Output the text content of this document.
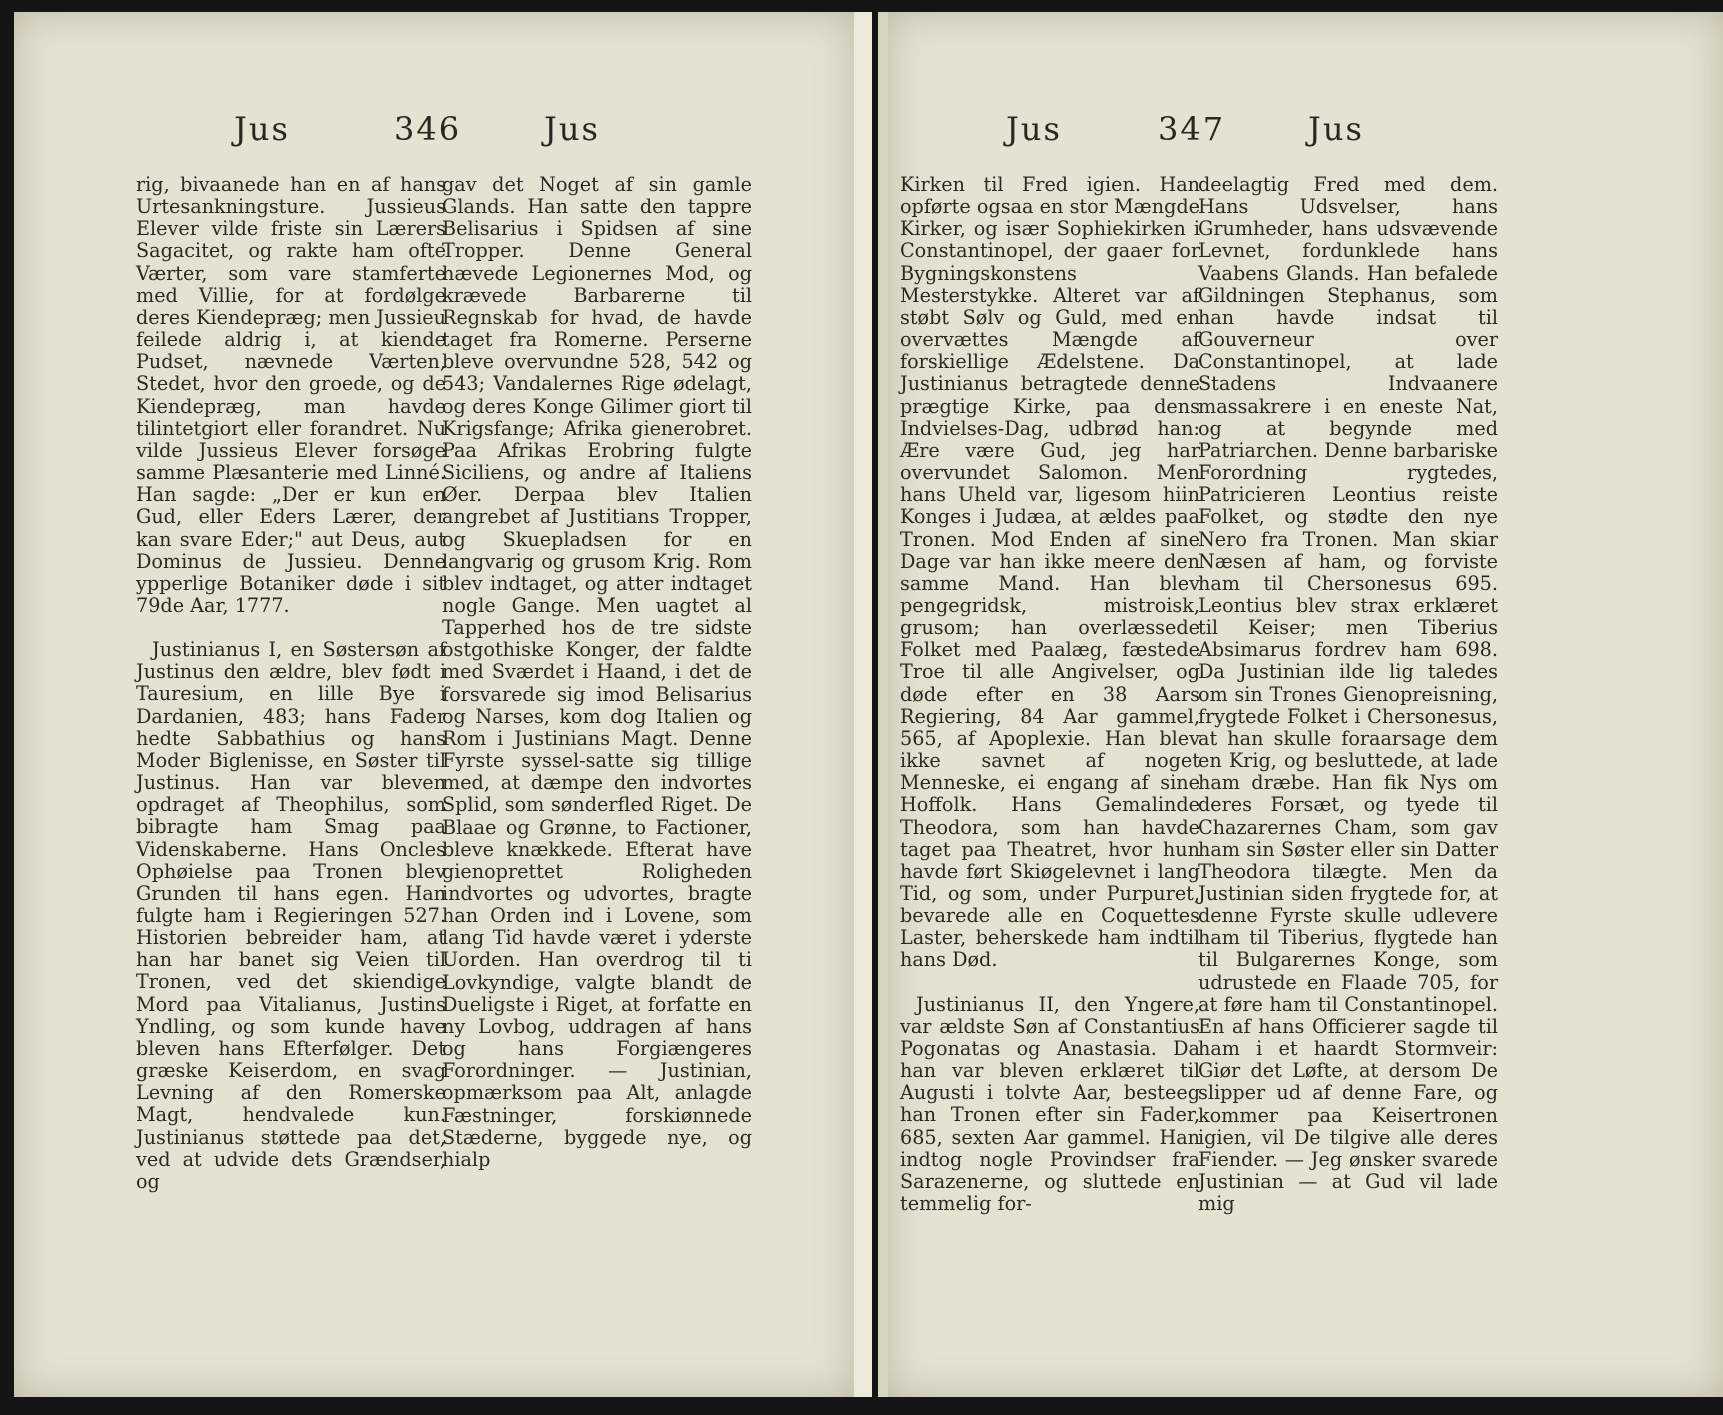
Jus	346	Jus

rig, bivaanede han en af hans Urtesankningsture. Jussieus Elever vilde friste sin Lærers Sagacitet, og rakte ham ofte Værter, som vare stamferte med Villie, for at fordølge deres Kiendepræg; men Jussieu feilede aldrig i, at kiende Pudset, nævnede Værten, Stedet, hvor den groede, og de Kiendepræg, man havde tilintetgiort eller forandret. Nu vilde Jussieus Elever forsøge samme Plæsanterie med Linné. Han sagde: „Der er kun en Gud, eller Eders Lærer, der kan svare Eder;" aut Deus, aut Dominus de Jussieu. Denne ypperlige Botaniker døde i sit 79de Aar, 1777.

Justinianus I, en Søstersøn af Justinus den ældre, blev født i Tauresium, en lille Bye i Dardanien, 483; hans Fader hedte Sabbathius og hans Moder Biglenisse, en Søster til Justinus. Han var bleven opdraget af Theophilus, som bibragte ham Smag paa Videnskaberne. Hans Oncles Ophøielse paa Tronen blev Grunden til hans egen. Han fulgte ham i Regieringen 527. Historien bebreider ham, at han har banet sig Veien til Tronen, ved det skiendige Mord paa Vitalianus, Justins Yndling, og som kunde have bleven hans Efterfølger. Det græske Keiserdom, en svag Levning af den Romerske Magt, hendvalede kun. Justinianus støttede paa det, ved at udvide dets Grændser, og

gav det Noget af sin gamle Glands. Han satte den tappre Belisarius i Spidsen af sine Tropper. Denne General hævede Legionernes Mod, og krævede Barbarerne til Regnskab for hvad, de havde taget fra Romerne. Perserne bleve overvundne 528, 542 og 543; Vandalernes Rige ødelagt, og deres Konge Gilimer giort til Krigsfange; Afrika gienerobret. Paa Afrikas Erobring fulgte Siciliens, og andre af Italiens Øer. Derpaa blev Italien angrebet af Justitians Tropper, og Skuepladsen for en langvarig og grusom Krig. Rom blev indtaget, og atter indtaget nogle Gange. Men uagtet al Tapperhed hos de tre sidste ostgothiske Konger, der faldte med Sværdet i Haand, i det de forsvarede sig imod Belisarius og Narses, kom dog Italien og Rom i Justinians Magt. Denne Fyrste syssel-satte sig tillige med, at dæmpe den indvortes Splid, som sønderfled Riget. De Blaae og Grønne, to Factioner, bleve knækkede. Efterat have gienoprettet Roligheden indvortes og udvortes, bragte han Orden ind i Lovene, som lang Tid havde været i yderste Uorden. Han overdrog til ti Lovkyndige, valgte blandt de Dueligste i Riget, at forfatte en ny Lovbog, uddragen af hans og hans Forgiængeres Forordninger. — Justinian, opmærksom paa Alt, anlagde Fæstninger, forskiønnede Stæderne, byggede nye, og hialp

Jus	347	Jus

Kirken til Fred igien. Han opførte ogsaa en stor Mængde Kirker, og især Sophiekirken i Constantinopel, der gaaer for Bygningskonstens Mesterstykke. Alteret var af støbt Sølv og Guld, med en overvættes Mængde af forskiellige Ædelstene. Da Justinianus betragtede denne prægtige Kirke, paa dens Indvielses-Dag, udbrød han: Ære være Gud, jeg har overvundet Salomon. Men hans Uheld var, ligesom hiin Konges i Judæa, at ældes paa Tronen. Mod Enden af sine Dage var han ikke meere den samme Mand. Han blev pengegridsk, mistroisk, grusom; han overlæssede Folket med Paalæg, fæstede Troe til alle Angivelser, og døde efter en 38 Aars Regiering, 84 Aar gammel, 565, af Apoplexie. Han blev ikke savnet af noget Menneske, ei engang af sine Hoffolk. Hans Gemalinde Theodora, som han havde taget paa Theatret, hvor hun havde ført Skiøgelevnet i lang Tid, og som, under Purpuret, bevarede alle en Coquettes Laster, beherskede ham indtil hans Død.

Justinianus II, den Yngere, var ældste Søn af Constantius Pogonatas og Anastasia. Da han var bleven erklæret til Augusti i tolvte Aar, besteeg han Tronen efter sin Fader, 685, sexten Aar gammel. Han indtog nogle Provindser fra Sarazenerne, og sluttede en temmelig for-

deelagtig Fred med dem. Hans Udsvelser, hans Grumheder, hans udsvævende Levnet, fordunklede hans Vaabens Glands. Han befalede Gildningen Stephanus, som han havde indsat til Gouverneur over Constantinopel, at lade Stadens Indvaanere massakrere i en eneste Nat, og at begynde med Patriarchen. Denne barbariske Forordning rygtedes, Patricieren Leontius reiste Folket, og stødte den nye Nero fra Tronen. Man skiar Næsen af ham, og forviste ham til Chersonesus 695. Leontius blev strax erklæret til Keiser; men Tiberius Absimarus fordrev ham 698. Da Justinian ilde lig taledes om sin Trones Gienopreisning, frygtede Folket i Chersonesus, at han skulle foraarsage dem en Krig, og besluttede, at lade ham dræbe. Han fik Nys om deres Forsæt, og tyede til Chazarernes Cham, som gav ham sin Søster eller sin Datter Theodora tilægte. Men da Justinian siden frygtede for, at denne Fyrste skulle udlevere ham til Tiberius, flygtede han til Bulgarernes Konge, som udrustede en Flaade 705, for at føre ham til Constantinopel. En af hans Officierer sagde til ham i et haardt Stormveir: Giør det Løfte, at dersom De slipper ud af denne Fare, og kommer paa Keisertronen igien, vil De tilgive alle deres Fiender. — Jeg ønsker svarede Justinian — at Gud vil lade mig
